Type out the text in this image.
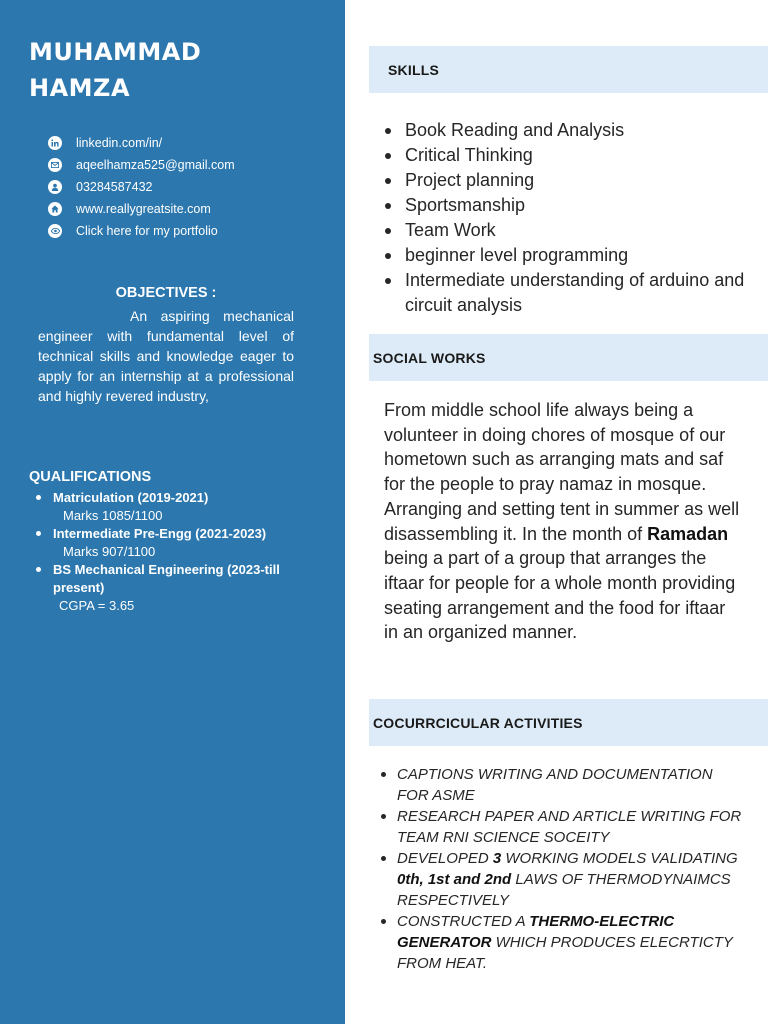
MUHAMMAD
HAMZA
linkedin.com/in/
aqeelhamza525@gmail.com
03284587432
www.reallygreatsite.com
Click here for my portfolio
OBJECTIVES :

An aspiring mechanical engineer with fundamental level of technical skills and knowledge eager to apply for an internship at a professional and highly revered industry,

QUALIFICATIONS
Matriculation (2019-2021)
Marks 1085/1100
Intermediate Pre-Engg (2021-2023)
Marks 907/1100
BS Mechanical Engineering (2023-till present)
CGPA = 3.65
SKILLS
Book Reading and Analysis
Critical Thinking
Project planning
Sportsmanship
Team Work
beginner level programming
Intermediate understanding of arduino and circuit analysis
SOCIAL WORKS

From middle school life always being a volunteer in doing chores of mosque of our hometown such as arranging mats and saf for the people to pray namaz in mosque. Arranging and setting tent in summer as well disassembling it. In the month of Ramadan being a part of a group that arranges the iftaar for people for a whole month providing seating arrangement and the food for iftaar in an organized manner.

COCURRCICULAR ACTIVITIES
CAPTIONS WRITING AND DOCUMENTATION FOR ASME
RESEARCH PAPER AND ARTICLE WRITING FOR TEAM RNI SCIENCE SOCEITY
DEVELOPED 3 WORKING MODELS VALIDATING 0th, 1st and 2nd LAWS OF THERMODYNAIMCS RESPECTIVELY
CONSTRUCTED A THERMO-ELECTRIC GENERATOR WHICH PRODUCES ELECRTICTY FROM HEAT.
